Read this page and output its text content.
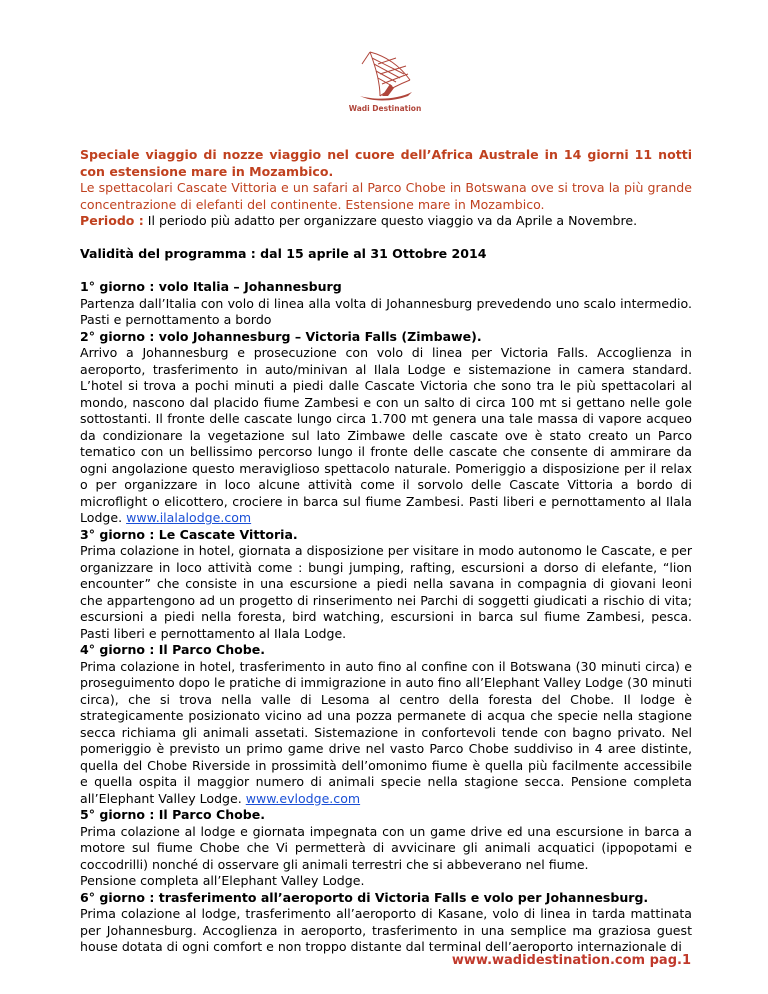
Wadi Destination

Speciale viaggio di nozze viaggio nel cuore dell’Africa Australe in 14 giorni 11 notti con estensione mare in Mozambico.

Le spettacolari Cascate Vittoria e un safari al Parco Chobe in Botswana ove si trova la più grande concentrazione di elefanti del continente. Estensione mare in Mozambico.

Periodo : Il periodo più adatto per organizzare questo viaggio va da Aprile a Novembre.

Validità del programma : dal 15 aprile al 31 Ottobre 2014

1° giorno : volo Italia – Johannesburg

Partenza dall’Italia con volo di linea alla volta di Johannesburg prevedendo uno scalo intermedio. Pasti e pernottamento a bordo

2° giorno : volo Johannesburg – Victoria Falls (Zimbawe).

Arrivo a Johannesburg e prosecuzione con volo di linea per Victoria Falls. Accoglienza in aeroporto, trasferimento in auto/minivan al Ilala Lodge e sistemazione in camera standard. L’hotel si trova a pochi minuti a piedi dalle Cascate Victoria che sono tra le più spettacolari al mondo, nascono dal placido fiume Zambesi e con un salto di circa 100 mt si gettano nelle gole sottostanti. Il fronte delle cascate lungo circa 1.700 mt genera una tale massa di vapore acqueo da condizionare la vegetazione sul lato Zimbawe delle cascate ove è stato creato un Parco tematico con un bellissimo percorso lungo il fronte delle cascate che consente di ammirare da ogni angolazione questo meraviglioso spettacolo naturale. Pomeriggio a disposizione per il relax o per organizzare in loco alcune attività come il sorvolo delle Cascate Vittoria a bordo di microflight o elicottero, crociere in barca sul fiume Zambesi. Pasti liberi e pernottamento al Ilala Lodge. www.ilalalodge.com

3° giorno : Le Cascate Vittoria.

Prima colazione in hotel, giornata a disposizione per visitare in modo autonomo le Cascate, e per organizzare in loco attività come : bungi jumping, rafting, escursioni a dorso di elefante, “lion encounter” che consiste in una escursione a piedi nella savana in compagnia di giovani leoni che appartengono ad un progetto di rinserimento nei Parchi di soggetti giudicati a rischio di vita; escursioni a piedi nella foresta, bird watching, escursioni in barca sul fiume Zambesi, pesca. Pasti liberi e pernottamento al Ilala Lodge.

4° giorno : Il Parco Chobe.

Prima colazione in hotel, trasferimento in auto fino al confine con il Botswana (30 minuti circa) e proseguimento dopo le pratiche di immigrazione in auto fino all’Elephant Valley Lodge (30 minuti circa), che si trova nella valle di Lesoma al centro della foresta del Chobe. Il lodge è strategicamente posizionato vicino ad una pozza permanete di acqua che specie nella stagione secca richiama gli animali assetati. Sistemazione in confortevoli tende con bagno privato. Nel pomeriggio è previsto un primo game drive nel vasto Parco Chobe suddiviso in 4 aree distinte, quella del Chobe Riverside in prossimità dell’omonimo fiume è quella più facilmente accessibile e quella ospita il maggior numero di animali specie nella stagione secca. Pensione completa all’Elephant Valley Lodge. www.evlodge.com

5° giorno : Il Parco Chobe.

Prima colazione al lodge e giornata impegnata con un game drive ed una escursione in barca a motore sul fiume Chobe che Vi permetterà di avvicinare gli animali acquatici (ippopotami e coccodrilli) nonché di osservare gli animali terrestri che si abbeverano nel fiume.

Pensione completa all’Elephant Valley Lodge.

6° giorno : trasferimento all’aeroporto di Victoria Falls e volo per Johannesburg.

Prima colazione al lodge, trasferimento all’aeroporto di Kasane, volo di linea in tarda mattinata per Johannesburg. Accoglienza in aeroporto, trasferimento in una semplice ma graziosa guest house dotata di ogni comfort e non troppo distante dal terminal dell’aeroporto internazionale di

www.wadidestination.com pag.1
